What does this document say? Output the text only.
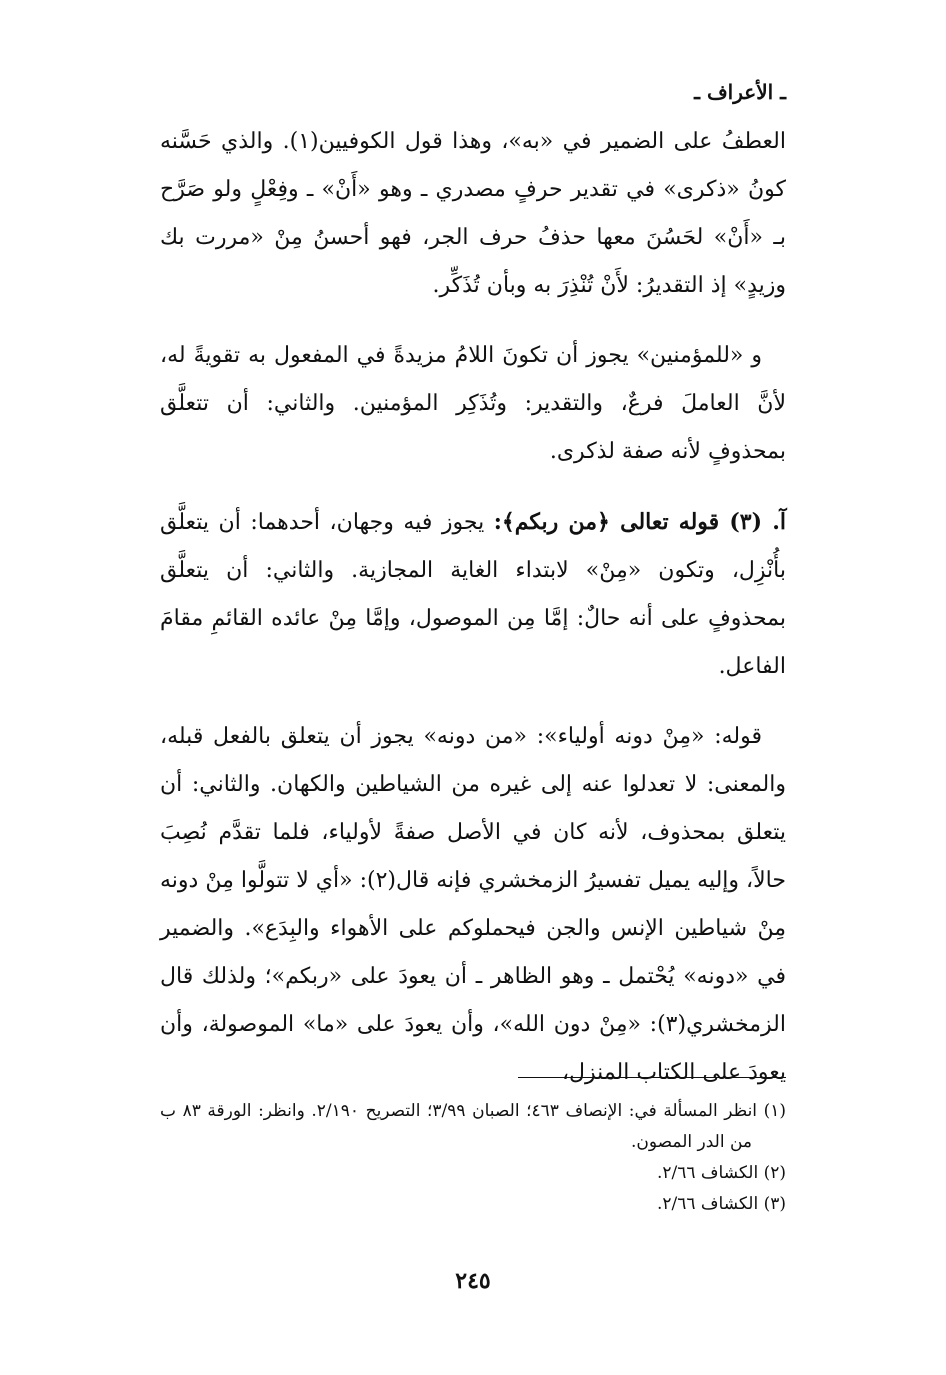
ـ الأعراف ـ

العطفُ على الضمير في «به»، وهذا قول الكوفيين(١). والذي حَسَّنه كونُ «ذكرى» في تقدير حرفٍ مصدري ـ وهو «أَنْ» ـ وفِعْلٍ ولو صَرَّح بـ «أَنْ» لحَسُنَ معها حذفُ حرف الجر، فهو أحسنُ مِنْ «مررت بك وزيدٍ» إذ التقديرُ: لأَنْ تُنْذِرَ به وبأن تُذَكِّر.

و «للمؤمنين» يجوز أن تكونَ اللامُ مزيدةً في المفعول به تقويةً له، لأنَّ العاملَ فرعٌ، والتقدير: وتُذَكِر المؤمنين. والثاني: أن تتعلَّق بمحذوفٍ لأنه صفة لذكرى.

آ. (٣) قوله تعالى ﴿من ربكم﴾: يجوز فيه وجهان، أحدهما: أن يتعلَّق بأُنْزِل، وتكون «مِنْ» لابتداء الغاية المجازية. والثاني: أن يتعلَّق بمحذوفٍ على أنه حالٌ: إمَّا مِن الموصول، وإمَّا مِنْ عائده القائمِ مقامَ الفاعل.

قوله: «مِنْ دونه أولياء»: «من دونه» يجوز أن يتعلق بالفعل قبله، والمعنى: لا تعدلوا عنه إلى غيره من الشياطين والكهان. والثاني: أن يتعلق بمحذوف، لأنه كان في الأصل صفةً لأولياء، فلما تقدَّم نُصِبَ حالاً، وإليه يميل تفسيرُ الزمخشري فإنه قال(٢): «أي لا تتولَّوا مِنْ دونه مِنْ شياطين الإنس والجن فيحملوكم على الأهواء والبِدَع». والضمير في «دونه» يُحْتمل ـ وهو الظاهر ـ أن يعودَ على «ربكم»؛ ولذلك قال الزمخشري(٣): «مِنْ دون الله»، وأن يعودَ على «ما» الموصولة، وأن يعودَ على الكتاب المنزل،

(١) انظر المسألة في: الإنصاف ٤٦٣؛ الصبان ٣/٩٩؛ التصريح ٢/١٩٠. وانظر: الورقة ٨٣ ب من الدر المصون.
(٢) الكشاف ٢/٦٦.
(٣) الكشاف ٢/٦٦.

٢٤٥
